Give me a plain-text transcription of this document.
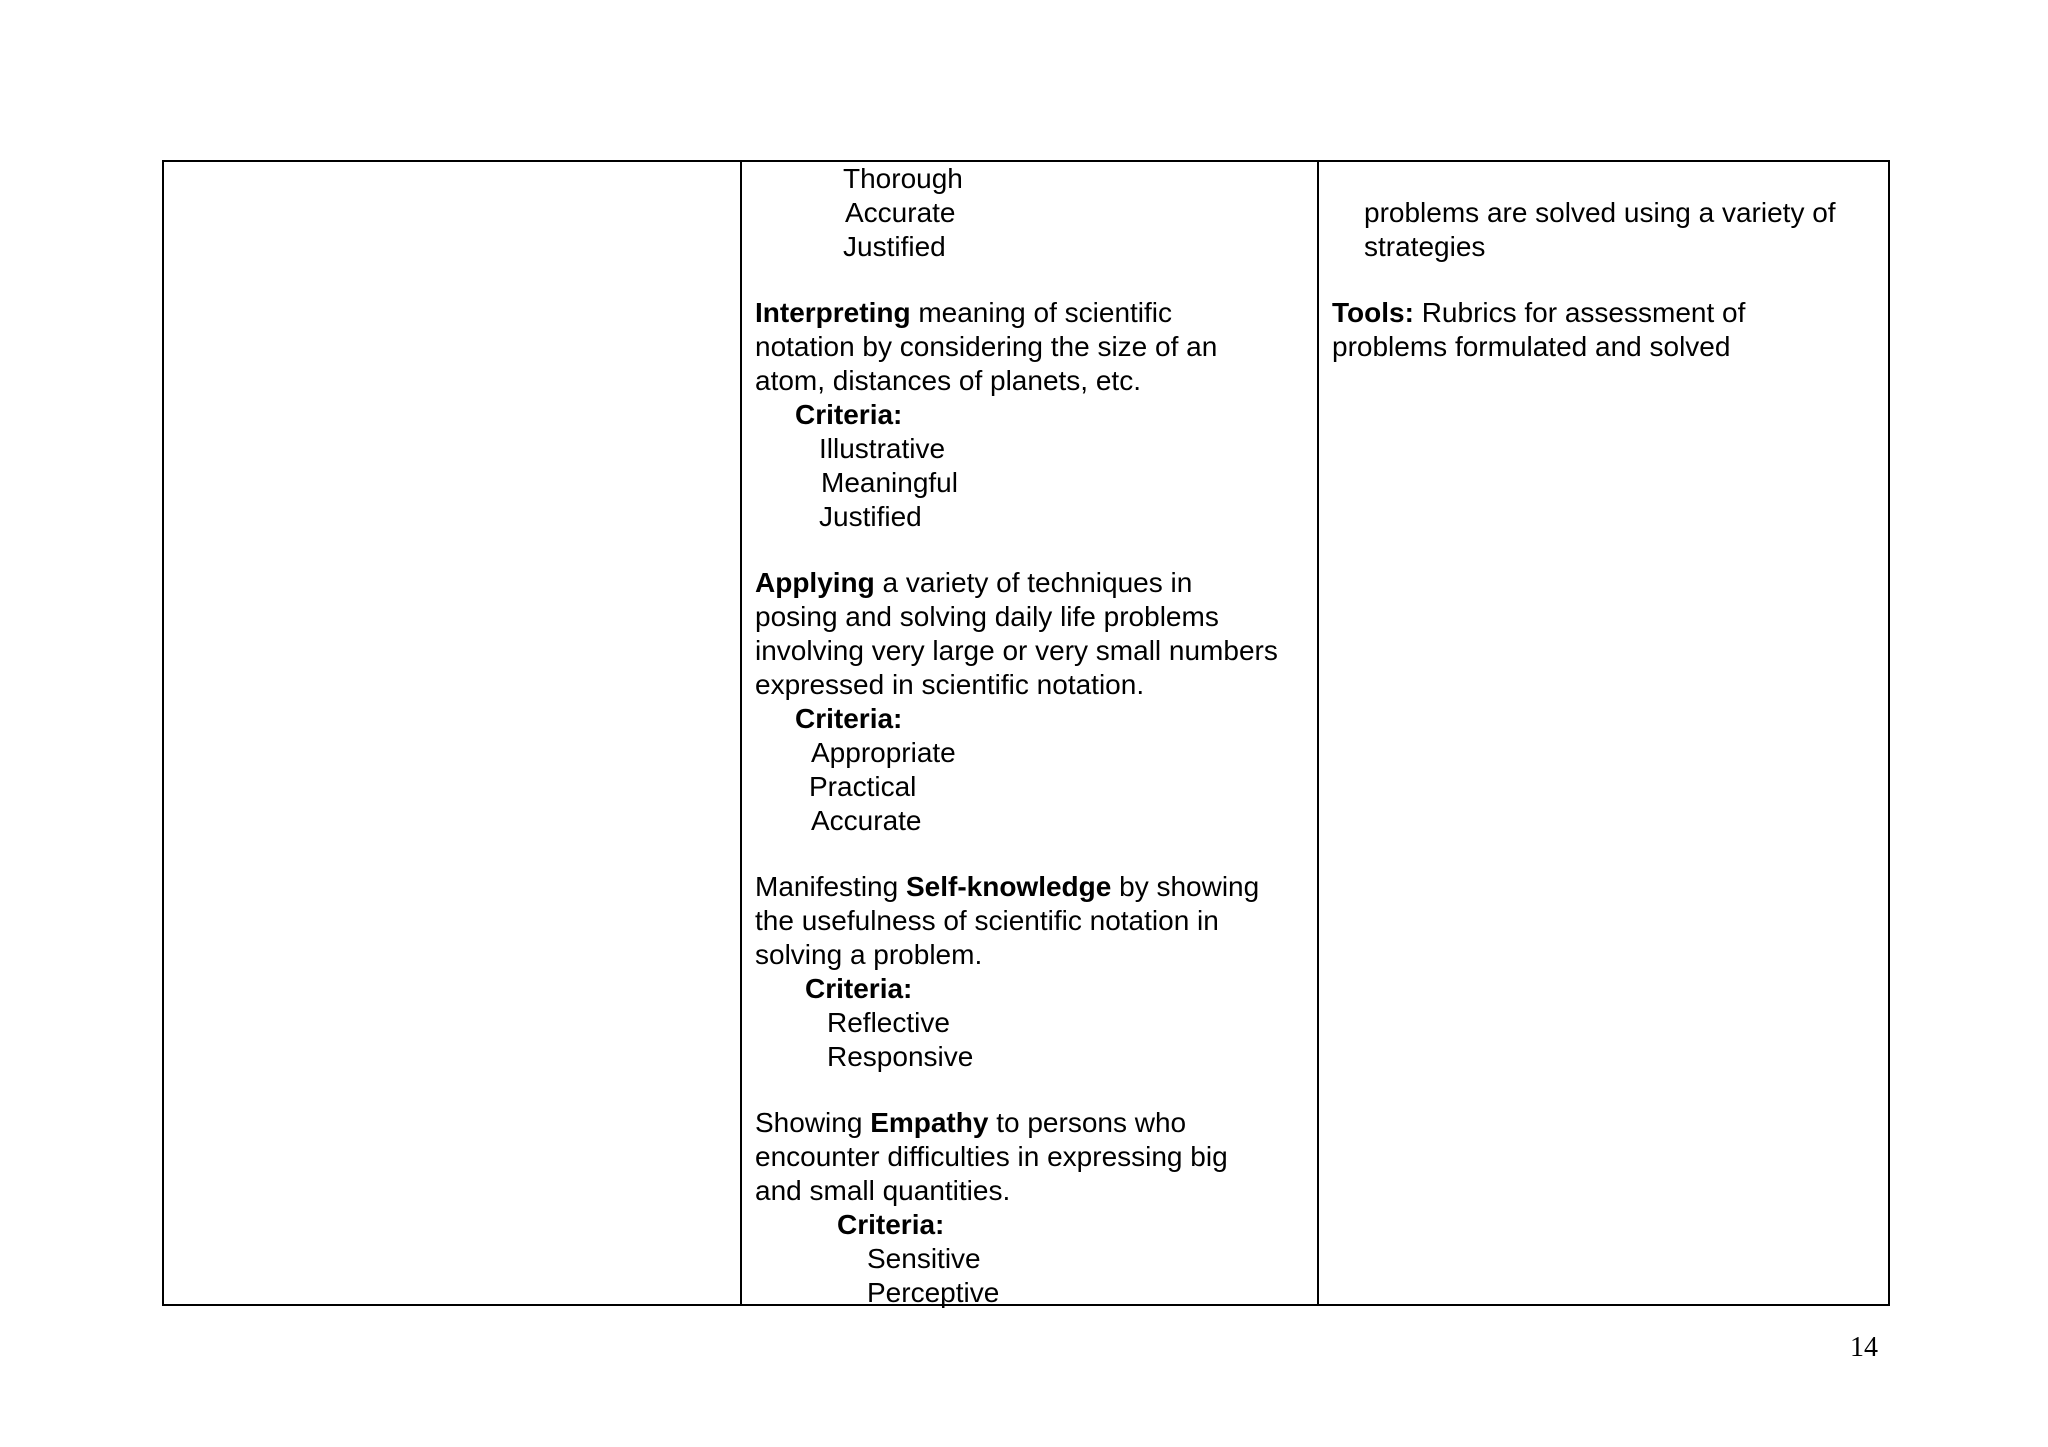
Thorough
Accurate
Justified
Interpreting meaning of scientific
notation by considering the size of an
atom, distances of planets, etc.
Criteria:
Illustrative
Meaningful
Justified
Applying a variety of techniques in
posing and solving daily life problems
involving very large or very small numbers
expressed in scientific notation.
Criteria:
Appropriate
Practical
Accurate
Manifesting Self-knowledge by showing
the usefulness of scientific notation in
solving a problem.
Criteria:
Reflective
Responsive
Showing Empathy to persons who
encounter difficulties in expressing big
and small quantities.
Criteria:
Sensitive
Perceptive
problems are solved using a variety of
strategies
Tools: Rubrics for assessment of
problems formulated and solved
14
